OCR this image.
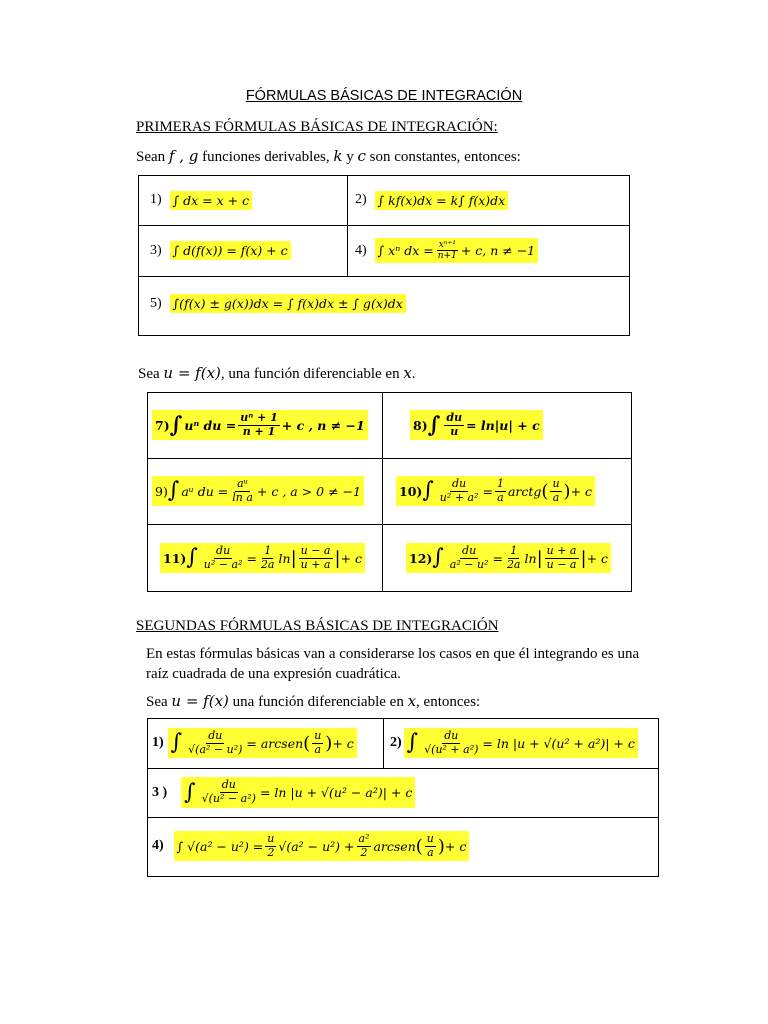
FÓRMULAS BÁSICAS DE INTEGRACIÓN
PRIMERAS FÓRMULAS BÁSICAS DE INTEGRACIÓN:
Sean f , g funciones derivables, k y c son constantes, entonces:
1) ∫ dx = x + c	2) ∫ kf(x)dx = k∫ f(x)dx
3) ∫ d(f(x)) = f(x) + c	4) ∫ xⁿ dx = $\frac{\text{xⁿ⁺¹}}{n+1} + c$, n ≠ −1
5) ∫(f(x) ± g(x))dx = ∫ f(x)dx ± ∫ g(x)dx
Sea u = f(x), una función diferenciable en x.
7) ∫ uⁿ du = $\frac{\text{uⁿ + 1}}{n + 1} + c$ , n ≠ −1	8) ∫ $\frac{du}{u} = \ln|u| + c$
9) ∫ aᵘ du = $\frac{\text{aᵘ}}{\text{ln a}} + c$ , a > 0 ≠ −1	10) ∫ $\frac{du}{\text{u² + a²}} = \frac{1}{a}$ arctg ( $\frac{u}{a}$ ) + c
11) ∫ $\frac{du}{\text{u² − a²}} = \frac{1}{2a}$ ln | $\frac{u - a}{u + a}$ | + c	12) ∫ $\frac{du}{\text{a² − u²}} = \frac{1}{2a}$ ln | $\frac{u + a}{u - a}$ | + c
SEGUNDAS FÓRMULAS BÁSICAS DE INTEGRACIÓN
En estas fórmulas básicas van a considerarse los casos en que él integrando es una
raíz cuadrada de una expresión cuadrática.
Sea u = f(x) una función diferenciable en x, entonces:
1) ∫ $\frac{du}{\text{√(a² − u²)}}$ = arcsen ( $\frac{u}{a}$ ) + c	2) ∫ $\frac{du}{\text{√(u² + a²)}} = \ln |u + √(u^2 + a^2)| + c$
3 ) ∫ $\frac{du}{\text{√(u² − a²)}} = \ln |u + √(u^2 - a^2)| + c$
4) ∫ $√(a^2 - u^2) = \frac{u}{2} √(a^2 - u^2) + \frac{\text{a²}}{2}$ arcsen ( $\frac{u}{a}$ ) + c
